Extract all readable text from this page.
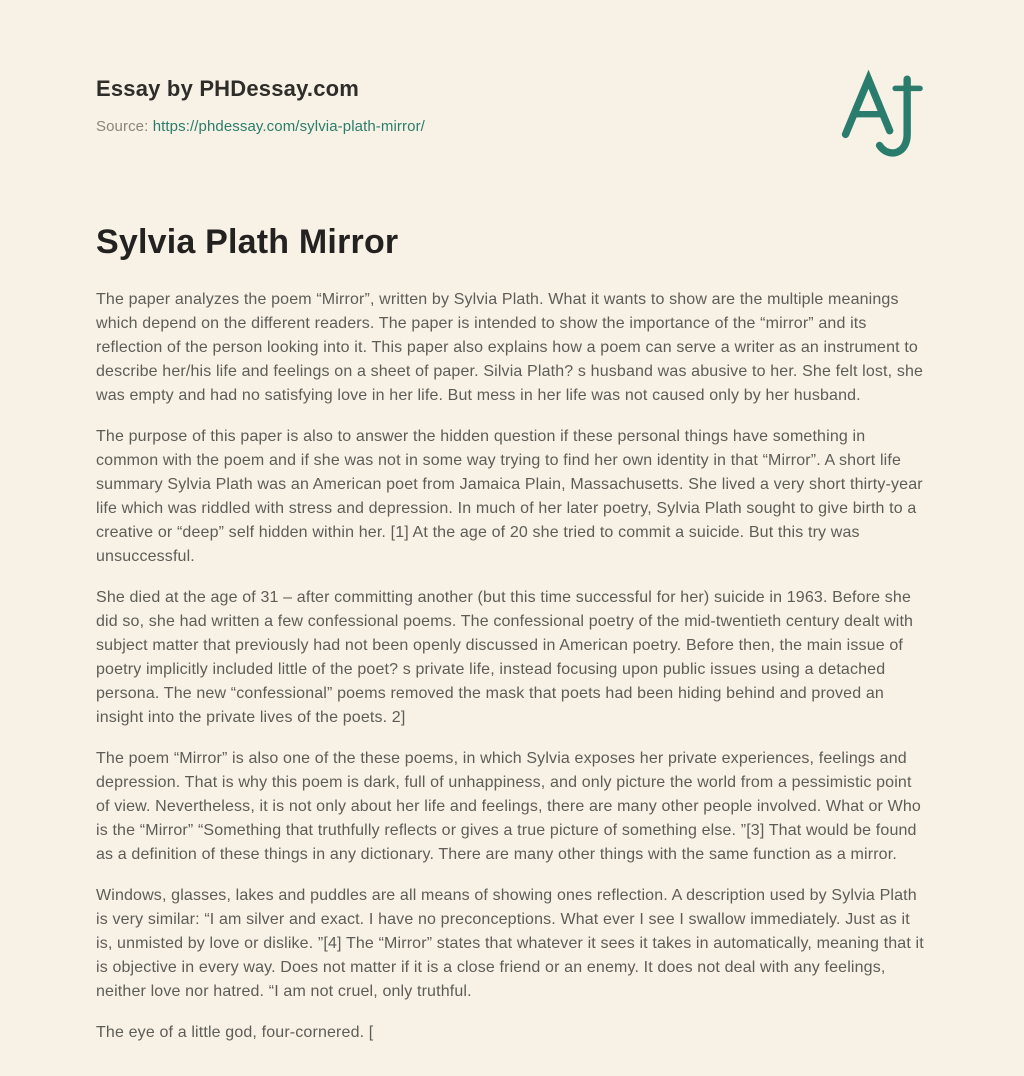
Essay by PHDessay.com
Source: https://phdessay.com/sylvia-plath-mirror/
Sylvia Plath Mirror

The paper analyzes the poem “Mirror”, written by Sylvia Plath. What it wants to show are the multiple meanings which depend on the different readers. The paper is intended to show the importance of the “mirror” and its reflection of the person looking into it. This paper also explains how a poem can serve a writer as an instrument to describe her/his life and feelings on a sheet of paper. Silvia Plath? s husband was abusive to her. She felt lost, she was empty and had no satisfying love in her life. But mess in her life was not caused only by her husband.

The purpose of this paper is also to answer the hidden question if these personal things have something in common with the poem and if she was not in some way trying to find her own identity in that “Mirror”. A short life summary Sylvia Plath was an American poet from Jamaica Plain, Massachusetts. She lived a very short thirty-year life which was riddled with stress and depression. In much of her later poetry, Sylvia Plath sought to give birth to a creative or “deep” self hidden within her. [1] At the age of 20 she tried to commit a suicide. But this try was unsuccessful.

She died at the age of 31 – after committing another (but this time successful for her) suicide in 1963. Before she did so, she had written a few confessional poems. The confessional poetry of the mid-twentieth century dealt with subject matter that previously had not been openly discussed in American poetry. Before then, the main issue of poetry implicitly included little of the poet? s private life, instead focusing upon public issues using a detached persona. The new “confessional” poems removed the mask that poets had been hiding behind and proved an insight into the private lives of the poets. 2]

The poem “Mirror” is also one of the these poems, in which Sylvia exposes her private experiences, feelings and depression. That is why this poem is dark, full of unhappiness, and only picture the world from a pessimistic point of view. Nevertheless, it is not only about her life and feelings, there are many other people involved. What or Who is the “Mirror” “Something that truthfully reflects or gives a true picture of something else. ”[3] That would be found as a definition of these things in any dictionary. There are many other things with the same function as a mirror.

Windows, glasses, lakes and puddles are all means of showing ones reflection. A description used by Sylvia Plath is very similar: “I am silver and exact. I have no preconceptions. What ever I see I swallow immediately. Just as it is, unmisted by love or dislike. ”[4] The “Mirror” states that whatever it sees it takes in automatically, meaning that it is objective in every way. Does not matter if it is a close friend or an enemy. It does not deal with any feelings, neither love nor hatred. “I am not cruel, only truthful.

The eye of a little god, four-cornered. [
